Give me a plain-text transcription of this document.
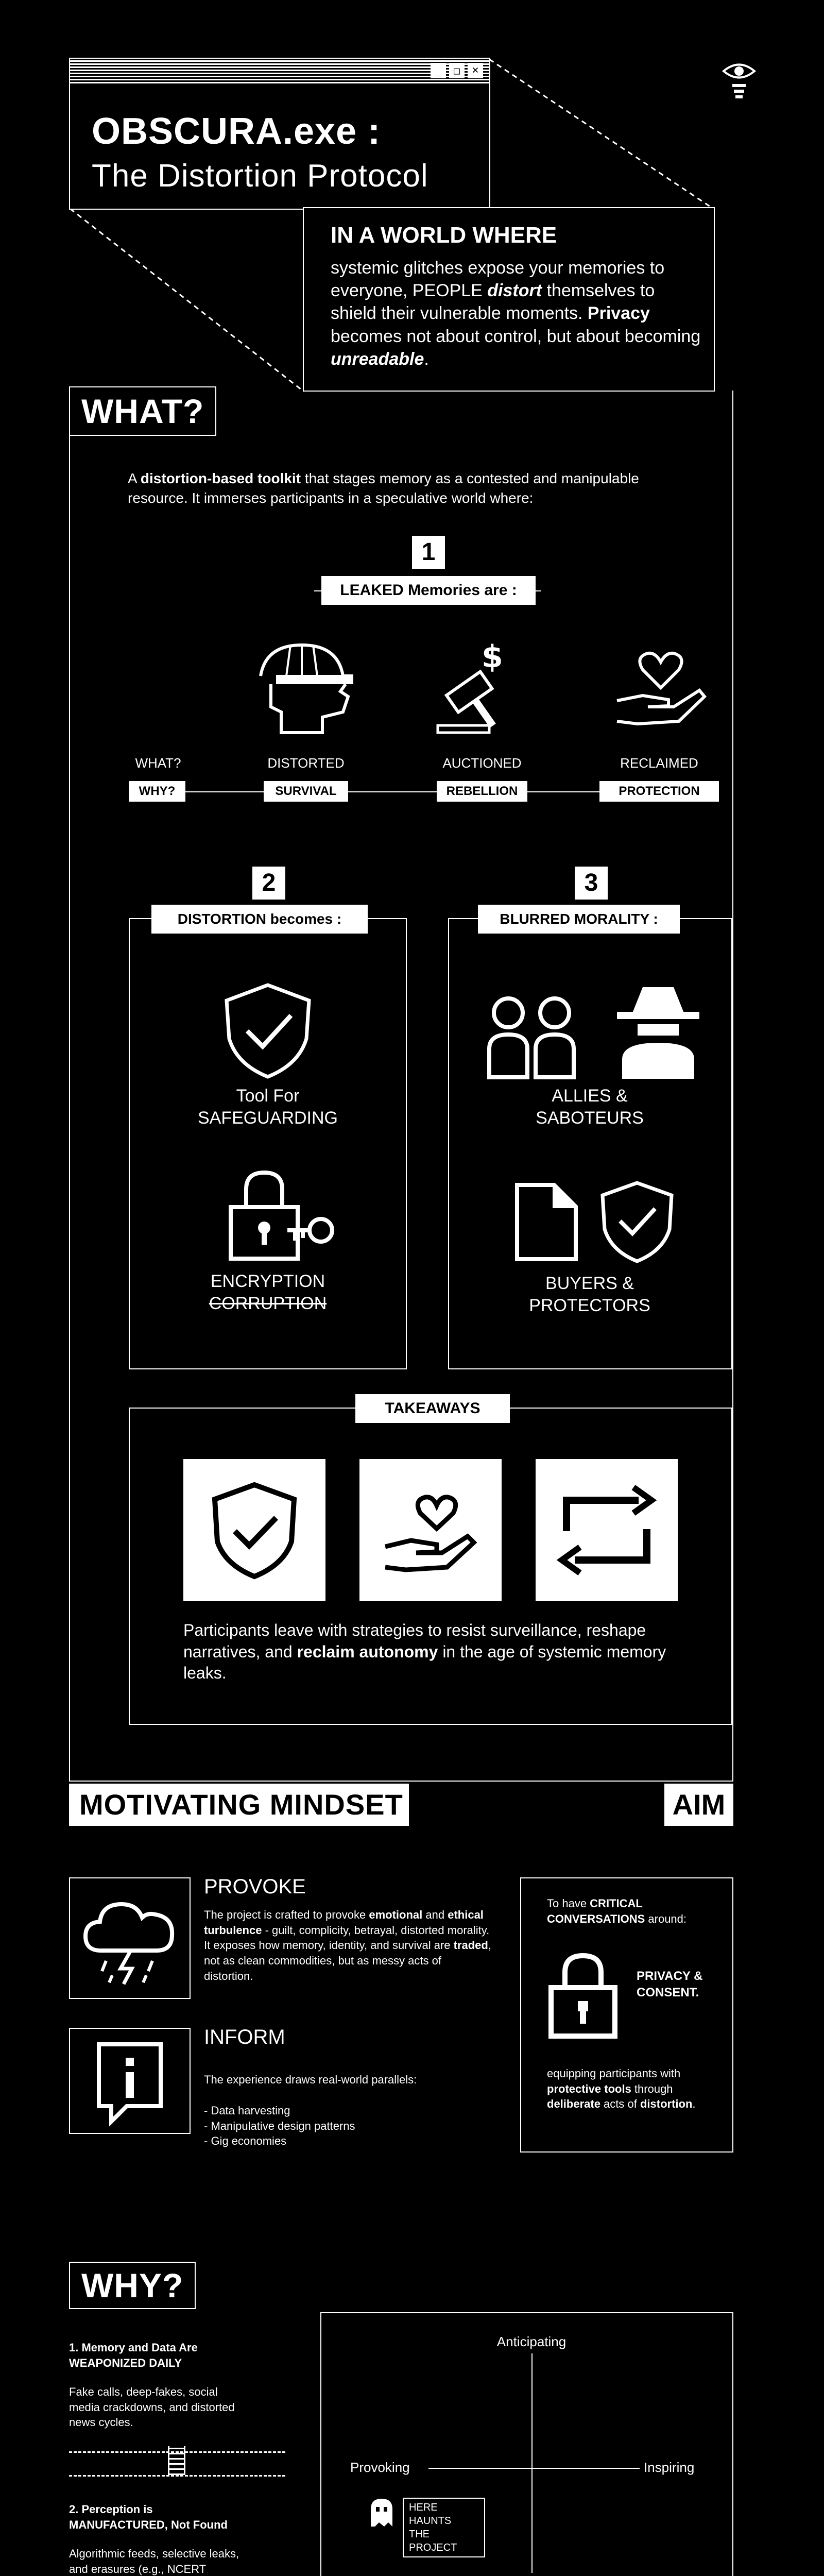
_	□	×
OBSCURA.exe :
The Distortion Protocol
IN A WORLD WHERE
systemic glitches expose your memories to everyone, PEOPLE distort themselves to shield their vulnerable moments. Privacy becomes not about control, but about becoming unreadable.
WHAT?
A distortion-based toolkit that stages memory as a contested and manipulable resource. It immerses participants in a speculative world where:
1
LEAKED Memories are :
$
WHAT?	DISTORTED	AUCTIONED	RECLAIMED
WHY?	SURVIVAL	REBELLION	PROTECTION
2	3
DISTORTION becomes :	BLURRED MORALITY :
Tool For
SAFEGUARDING
ENCRYPTION
CORRUPTION
ALLIES &
SABOTEURS
BUYERS &
PROTECTORS
TAKEAWAYS
Participants leave with strategies to resist surveillance, reshape narratives, and reclaim autonomy in the age of systemic memory leaks.
MOTIVATING MINDSET	AIM
PROVOKE
The project is crafted to provoke emotional and ethical turbulence - guilt, complicity, betrayal, distorted morality. It exposes how memory, identity, and survival are traded, not as clean commodities, but as messy acts of distortion.
INFORM
The experience draws real-world parallels:
- Data harvesting
- Manipulative design patterns
- Gig economies
To have CRITICAL CONVERSATIONS around:
PRIVACY &
CONSENT.
equipping participants with protective tools through deliberate acts of distortion.
WHY?
1. Memory and Data Are WEAPONIZED DAILY
Fake calls, deep-fakes, social media crackdowns, and distorted news cycles.
2. Perception is MANUFACTURED, Not Found
Algorithmic feeds, selective leaks, and erasures (e.g., NCERT
Anticipating
Provoking	Inspiring
HERE HAUNTS
THE PROJECT
